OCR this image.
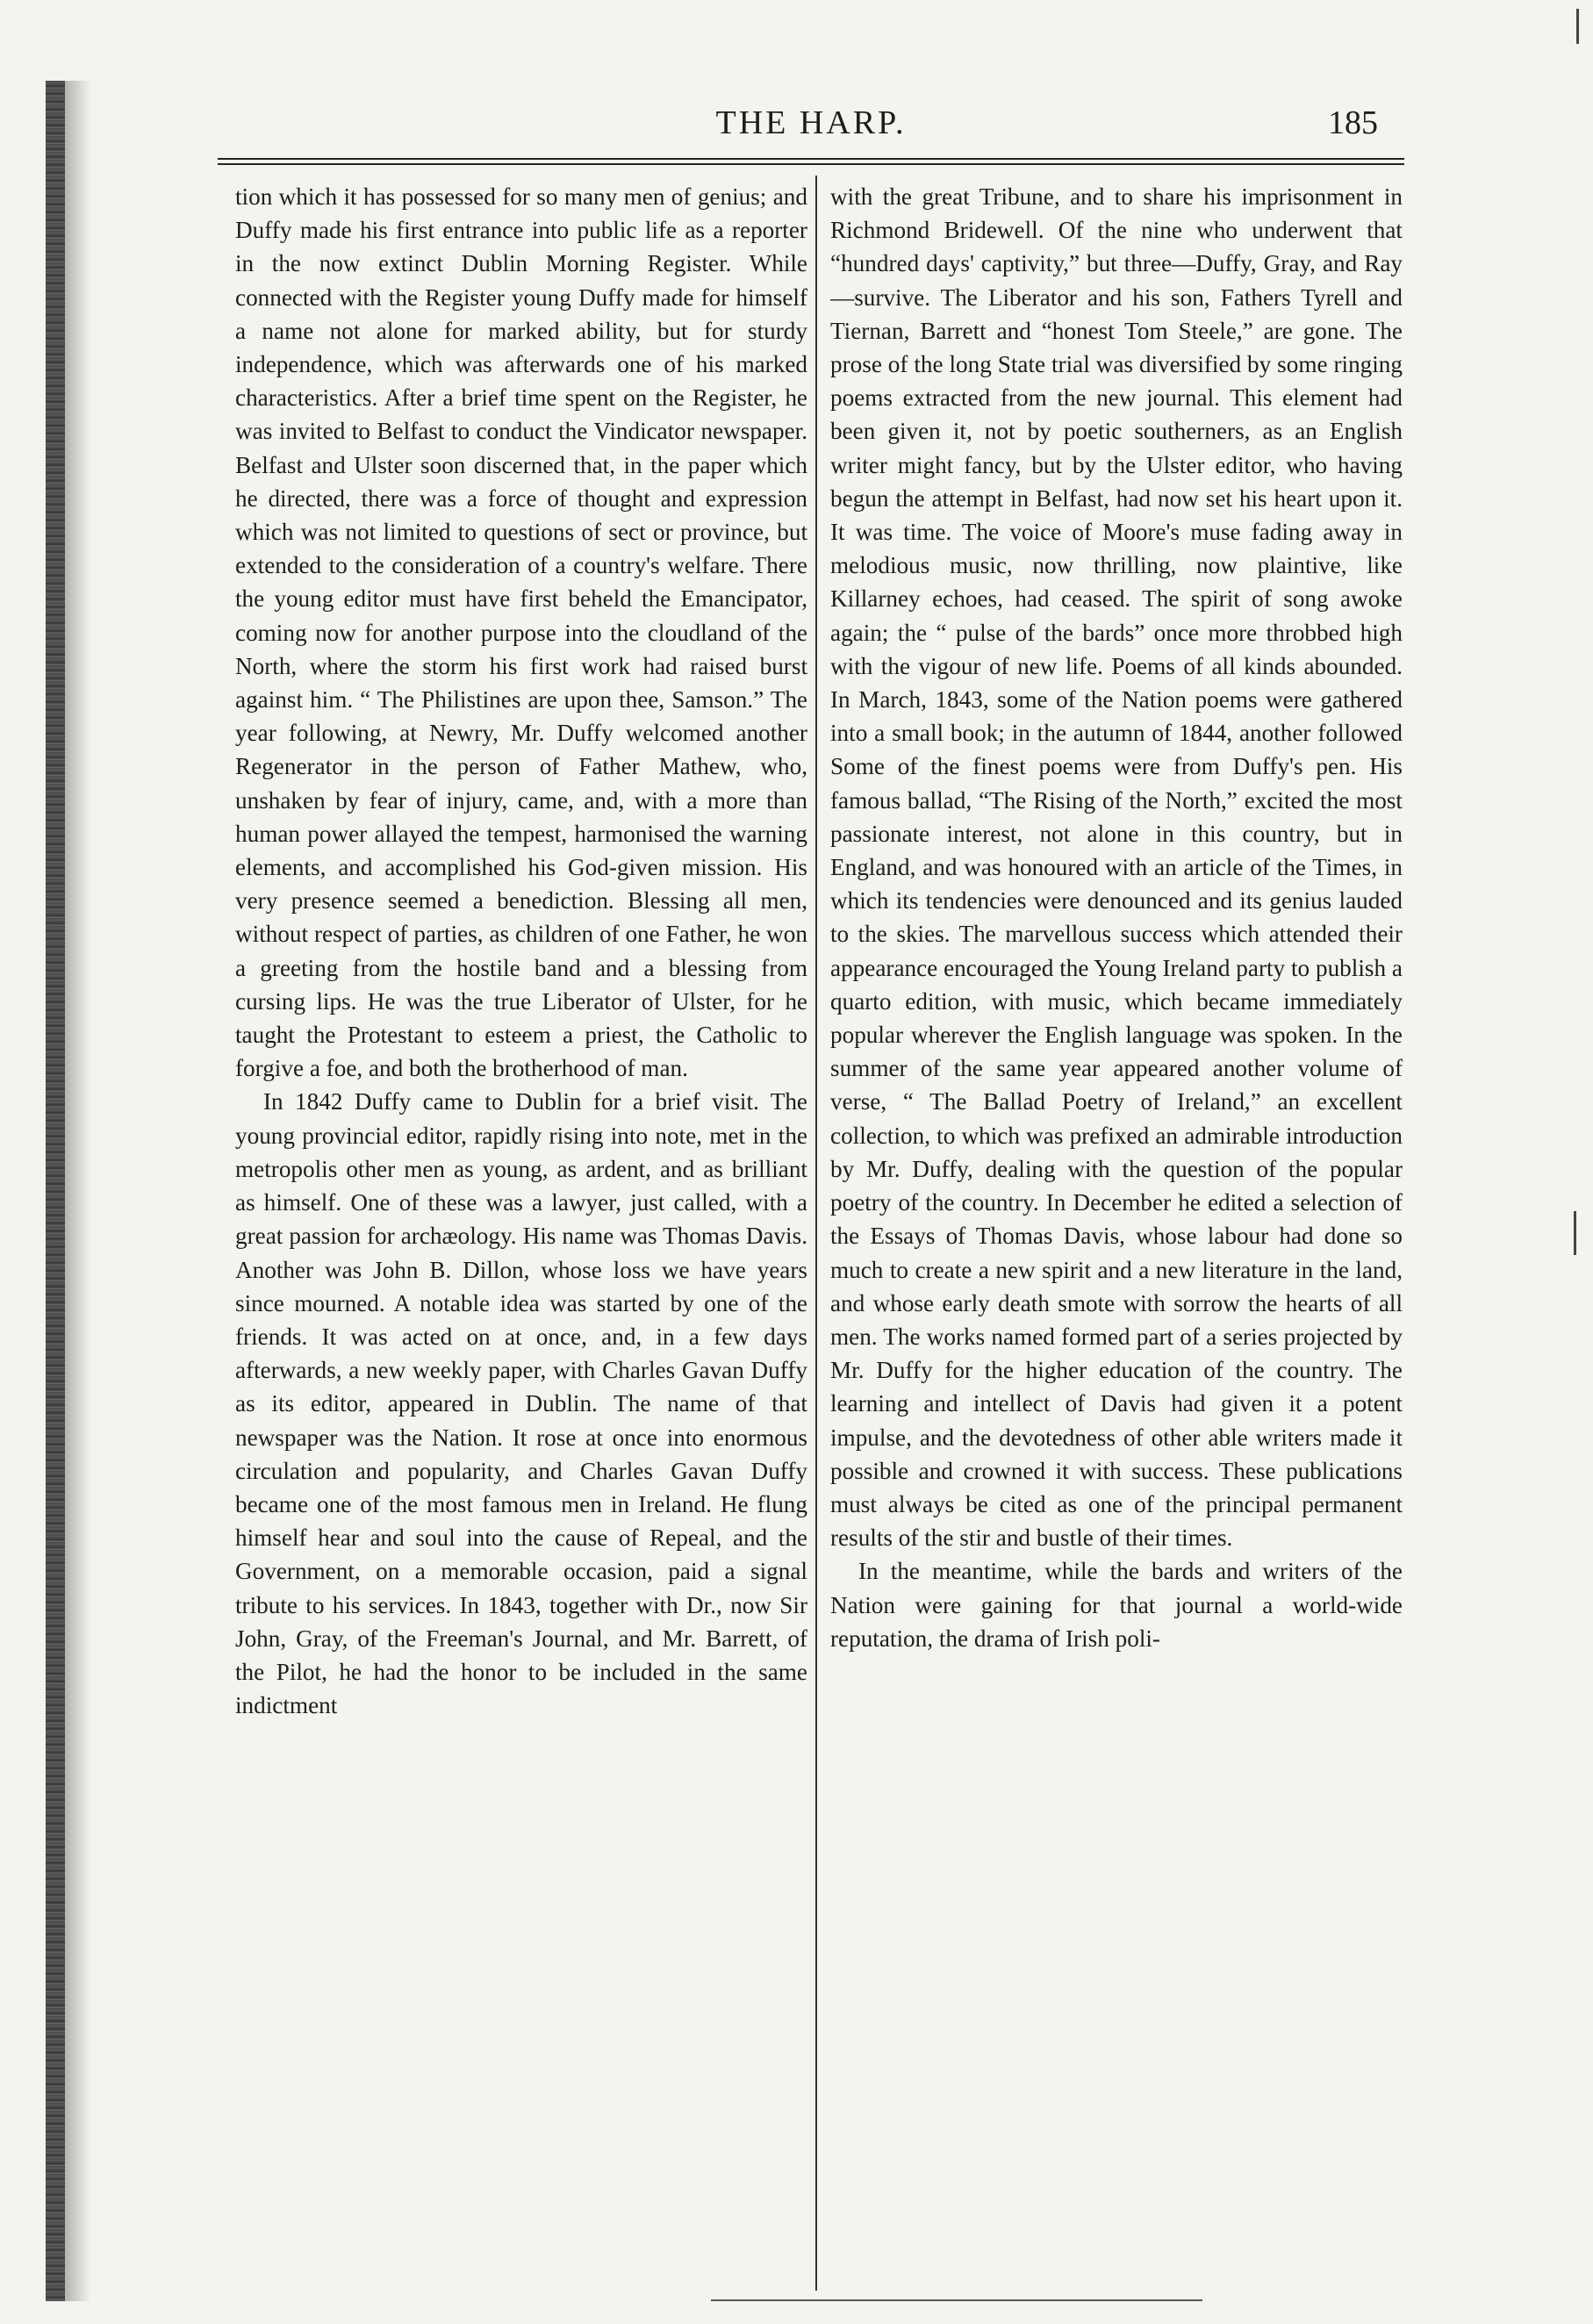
THE HARP.	185

tion which it has possessed for so many men of genius; and Duffy made his first entrance into public life as a reporter in the now extinct Dublin Morning Register. While connected with the Register young Duffy made for himself a name not alone for marked ability, but for sturdy independence, which was afterwards one of his marked characteristics. After a brief time spent on the Register, he was invited to Belfast to conduct the Vindicator newspaper. Belfast and Ulster soon discerned that, in the paper which he directed, there was a force of thought and expression which was not limited to questions of sect or province, but extended to the consideration of a country's welfare. There the young editor must have first beheld the Emancipator, coming now for another purpose into the cloudland of the North, where the storm his first work had raised burst against him. “ The Philistines are upon thee, Samson.” The year following, at Newry, Mr. Duffy welcomed another Regenerator in the person of Father Mathew, who, unshaken by fear of injury, came, and, with a more than human power allayed the tempest, harmonised the warning elements, and accomplished his God-given mission. His very presence seemed a benediction. Blessing all men, without respect of parties, as children of one Father, he won a greeting from the hostile band and a blessing from cursing lips. He was the true Liberator of Ulster, for he taught the Protestant to esteem a priest, the Catholic to forgive a foe, and both the brotherhood of man.

In 1842 Duffy came to Dublin for a brief visit. The young provincial editor, rapidly rising into note, met in the metropolis other men as young, as ardent, and as brilliant as himself. One of these was a lawyer, just called, with a great passion for archæology. His name was Thomas Davis. Another was John B. Dillon, whose loss we have years since mourned. A notable idea was started by one of the friends. It was acted on at once, and, in a few days afterwards, a new weekly paper, with Charles Gavan Duffy as its editor, appeared in Dublin. The name of that newspaper was the Nation. It rose at once into enormous circulation and popularity, and Charles Gavan Duffy became one of the most famous men in Ireland. He flung himself hear and soul into the cause of Repeal, and the Government, on a memorable occasion, paid a signal tribute to his services. In 1843, together with Dr., now Sir John, Gray, of the Freeman's Journal, and Mr. Barrett, of the Pilot, he had the honor to be included in the same indictment

with the great Tribune, and to share his imprisonment in Richmond Bridewell. Of the nine who underwent that “hundred days' captivity,” but three—Duffy, Gray, and Ray—survive. The Liberator and his son, Fathers Tyrell and Tiernan, Barrett and “honest Tom Steele,” are gone. The prose of the long State trial was diversified by some ringing poems extracted from the new journal. This element had been given it, not by poetic southerners, as an English writer might fancy, but by the Ulster editor, who having begun the attempt in Belfast, had now set his heart upon it. It was time. The voice of Moore's muse fading away in melodious music, now thrilling, now plaintive, like Killarney echoes, had ceased. The spirit of song awoke again; the “ pulse of the bards” once more throbbed high with the vigour of new life. Poems of all kinds abounded. In March, 1843, some of the Nation poems were gathered into a small book; in the autumn of 1844, another followed Some of the finest poems were from Duffy's pen. His famous ballad, “The Rising of the North,” excited the most passionate interest, not alone in this country, but in England, and was honoured with an article of the Times, in which its tendencies were denounced and its genius lauded to the skies. The marvellous success which attended their appearance encouraged the Young Ireland party to publish a quarto edition, with music, which became immediately popular wherever the English language was spoken. In the summer of the same year appeared another volume of verse, “ The Ballad Poetry of Ireland,” an excellent collection, to which was prefixed an admirable introduction by Mr. Duffy, dealing with the question of the popular poetry of the country. In December he edited a selection of the Essays of Thomas Davis, whose labour had done so much to create a new spirit and a new literature in the land, and whose early death smote with sorrow the hearts of all men. The works named formed part of a series projected by Mr. Duffy for the higher education of the country. The learning and intellect of Davis had given it a potent impulse, and the devotedness of other able writers made it possible and crowned it with success. These publications must always be cited as one of the principal permanent results of the stir and bustle of their times.

In the meantime, while the bards and writers of the Nation were gaining for that journal a world-wide reputation, the drama of Irish poli-
